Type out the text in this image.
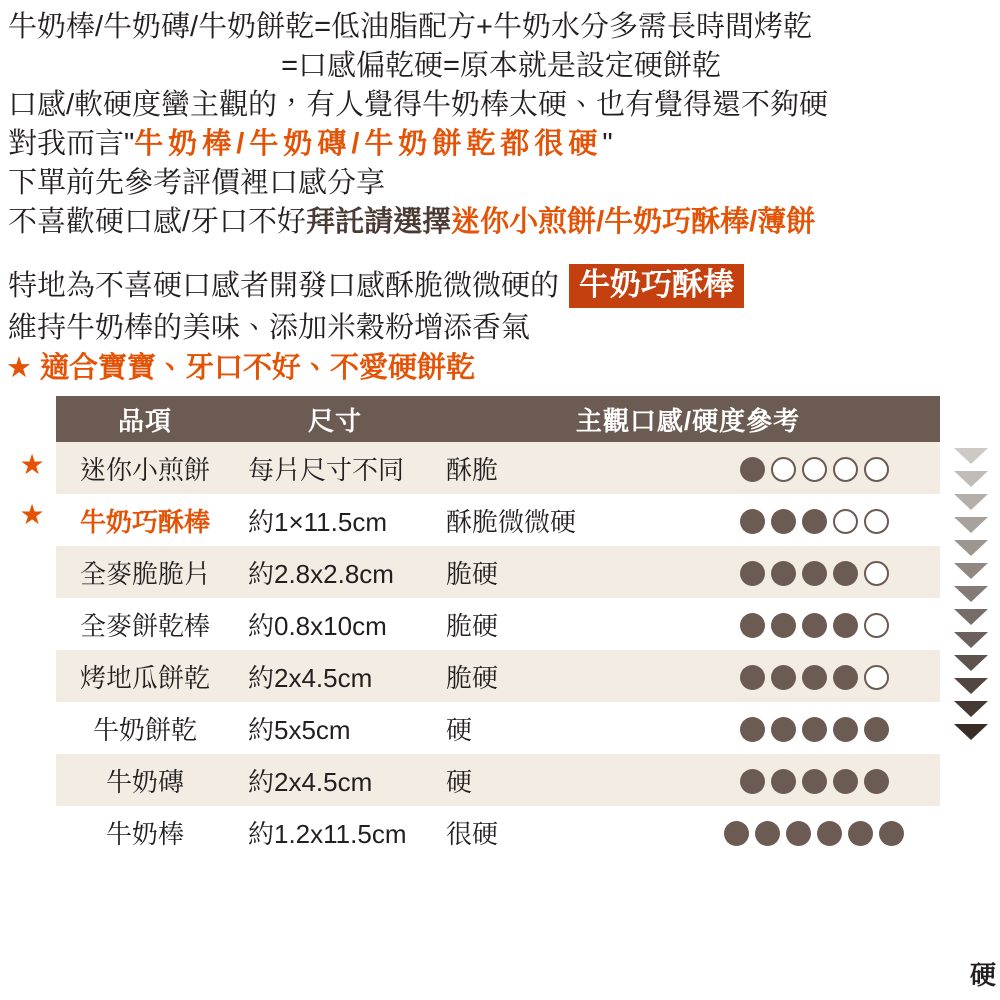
牛奶棒/牛奶磚/牛奶餅乾=低油脂配方+牛奶水分多需長時間烤乾
=口感偏乾硬=原本就是設定硬餅乾
口感/軟硬度蠻主觀的，有人覺得牛奶棒太硬、也有覺得還不夠硬
對我而言"牛奶棒/牛奶磚/牛奶餅乾都很硬"
下單前先參考評價裡口感分享
不喜歡硬口感/牙口不好拜託請選擇迷你小煎餅/牛奶巧酥棒/薄餅
特地為不喜硬口感者開發口感酥脆微微硬的 牛奶巧酥棒
維持牛奶棒的美味、添加米穀粉增添香氣
★ 適合寶寶、牙口不好、不愛硬餅乾
★
★
品項	尺寸	主觀口感/硬度參考	
迷你小煎餅	每片尺寸不同	酥脆	
牛奶巧酥棒	約1×11.5cm	酥脆微微硬	
全麥脆脆片	約2.8x2.8cm	脆硬	
全麥餅乾棒	約0.8x10cm	脆硬	
烤地瓜餅乾	約2x4.5cm	脆硬	
牛奶餅乾	約5x5cm	硬	
牛奶磚	約2x4.5cm	硬	
牛奶棒	約1.2x11.5cm	很硬	
硬
